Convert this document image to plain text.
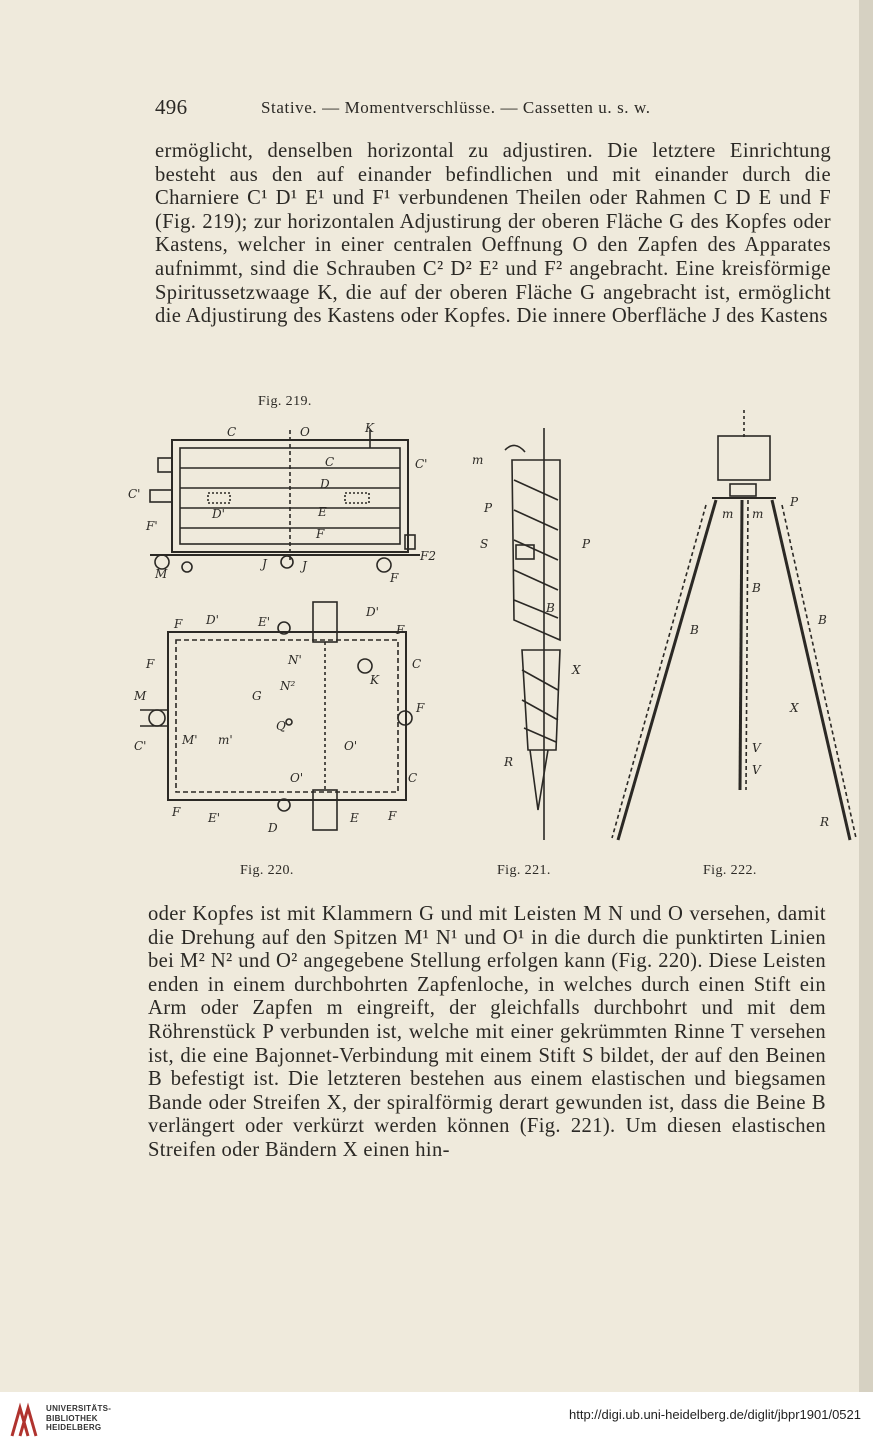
496	Stative. — Momentverschlüsse. — Cassetten u. s. w.

ermöglicht, denselben horizontal zu adjustiren. Die letztere Einrichtung besteht aus den auf einander befindlichen und mit einander durch die Charniere C¹ D¹ E¹ und F¹ verbundenen Theilen oder Rahmen C D E und F (Fig. 219); zur horizontalen Adjustirung der oberen Fläche G des Kopfes oder Kastens, welcher in einer centralen Oeffnung O den Zapfen des Apparates aufnimmt, sind die Schrauben C² D² E² und F² angebracht. Eine kreisförmige Spiritussetzwaage K, die auf der oberen Fläche G angebracht ist, ermöglicht die Adjustirung des Kastens oder Kopfes. Die innere Oberfläche J des Kastens

Fig. 219.
Fig. 220.	Fig. 221.	Fig. 222.
C	O	K
C	C'
D
C'
D'	E
F'
F
M
F2
J	J
F
F D'	E'
D'
F
F	N'	C
K
N²
G
M
M' m'
Q
F
C'	O'
O'	C
F E'
D
E F
m
P
S	P
B
X
R
m m
P
B
B
B
X
V
V
R

oder Kopfes ist mit Klammern G und mit Leisten M N und O versehen, damit die Drehung auf den Spitzen M¹ N¹ und O¹ in die durch die punktirten Linien bei M² N² und O² angegebene Stellung erfolgen kann (Fig. 220). Diese Leisten enden in einem durchbohrten Zapfenloche, in welches durch einen Stift ein Arm oder Zapfen m eingreift, der gleichfalls durchbohrt und mit dem Röhrenstück P verbunden ist, welche mit einer gekrümmten Rinne T versehen ist, die eine Bajonnet-Verbindung mit einem Stift S bildet, der auf den Beinen B befestigt ist. Die letzteren bestehen aus einem elastischen und biegsamen Bande oder Streifen X, der spiralförmig derart gewunden ist, dass die Beine B verlängert oder verkürzt werden können (Fig. 221). Um diesen elastischen Streifen oder Bändern X einen hin-

UNIVERSITÄTS-
BIBLIOTHEK
HEIDELBERG
http://digi.ub.uni-heidelberg.de/diglit/jbpr1901/0521
